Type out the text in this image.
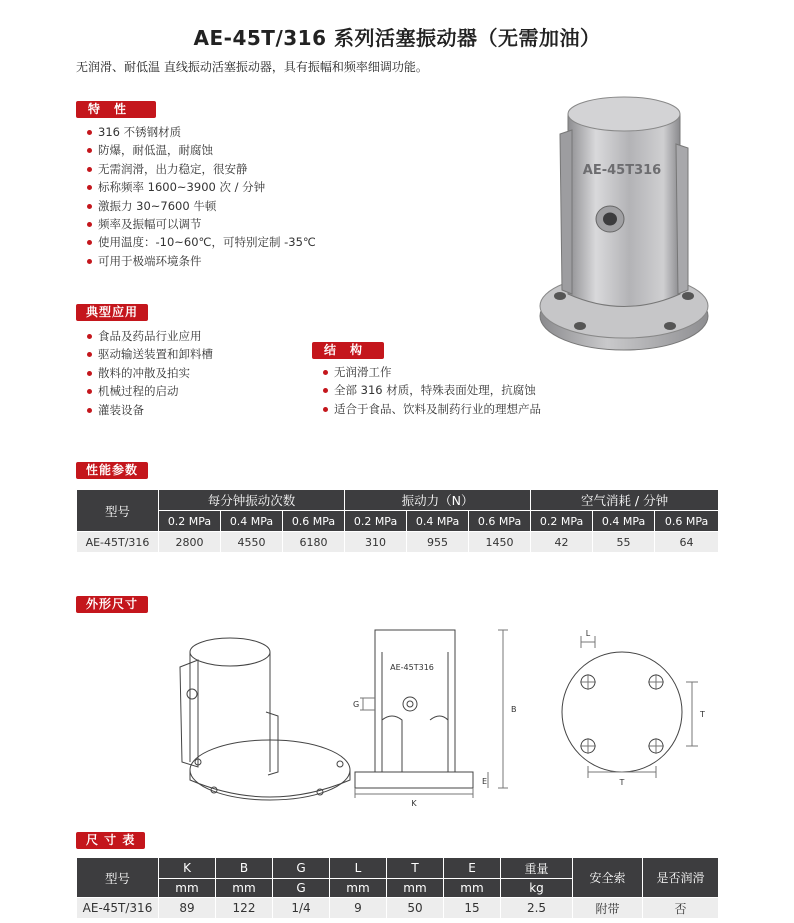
AE-45T/316 系列活塞振动器（无需加油）
无润滑、耐低温 直线振动活塞振动器，具有振幅和频率细调功能。
特　性
316 不锈钢材质
防爆，耐低温，耐腐蚀
无需润滑，出力稳定，很安静
标称频率 1600~3900 次 / 分钟
激振力 30~7600 牛顿
频率及振幅可以调节
使用温度：-10~60℃，可特别定制 -35℃
可用于极端环境条件
典型应用
食品及药品行业应用
驱动输送装置和卸料槽
散料的冲散及拍实
机械过程的启动
灌装设备
结　构
无润滑工作
全部 316 材质，特殊表面处理，抗腐蚀
适合于食品、饮料及制药行业的理想产品
AE-45T316
性能参数
型号	每分钟振动次数			振动力（N）			空气消耗 / 分钟		
	0.2 MPa	0.4 MPa	0.6 MPa	0.2 MPa	0.4 MPa	0.6 MPa	0.2 MPa	0.4 MPa	0.6 MPa
AE-45T/316	2800	4550	6180	310	955	1450	42	55	64
外形尺寸
AE-45T316
K
B
G
E
L
T
T
尺 寸 表
型号	K	B	G	L	T	E	重量	安全索	是否润滑
	mm	mm	G	mm	mm	mm	kg		
AE-45T/316	89	122	1/4	9	50	15	2.5	附带	否
